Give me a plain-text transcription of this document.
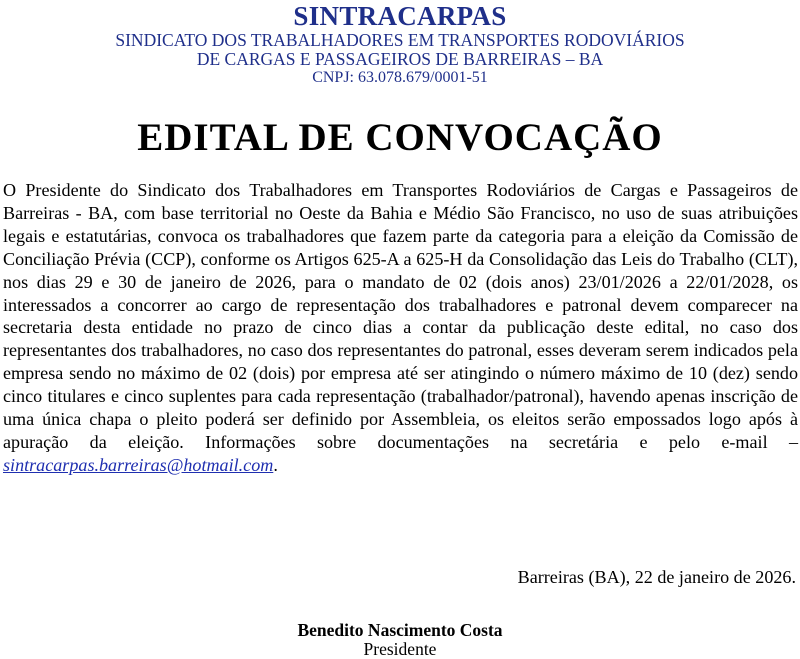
SINTRACARPAS
SINDICATO DOS TRABALHADORES EM TRANSPORTES RODOVIÁRIOS
DE CARGAS E PASSAGEIROS DE BARREIRAS – BA
CNPJ: 63.078.679/0001-51
EDITAL DE CONVOCAÇÃO
O Presidente do Sindicato dos Trabalhadores em Transportes Rodoviários de Cargas e Passageiros de Barreiras - BA, com base territorial no Oeste da Bahia e Médio São Francisco, no uso de suas atribuições legais e estatutárias, convoca os trabalhadores que fazem parte da categoria para a eleição da Comissão de Conciliação Prévia (CCP), conforme os Artigos 625-A a 625-H da Consolidação das Leis do Trabalho (CLT), nos dias 29 e 30 de janeiro de 2026, para o mandato de 02 (dois anos) 23/01/2026 a 22/01/2028, os interessados a concorrer ao cargo de representação dos trabalhadores e patronal devem comparecer na secretaria desta entidade no prazo de cinco dias a contar da publicação deste edital, no caso dos representantes dos trabalhadores, no caso dos representantes do patronal, esses deveram serem indicados pela empresa sendo no máximo de 02 (dois) por empresa até ser atingindo o número máximo de 10 (dez) sendo cinco titulares e cinco suplentes para cada representação (trabalhador/patronal), havendo apenas inscrição de uma única chapa o pleito poderá ser definido por Assembleia, os eleitos serão empossados logo após à apuração da eleição. Informações sobre documentações na secretária e pelo e-mail – sintracarpas.barreiras@hotmail.com.
Barreiras (BA), 22 de janeiro de 2026.
Benedito Nascimento Costa
Presidente
